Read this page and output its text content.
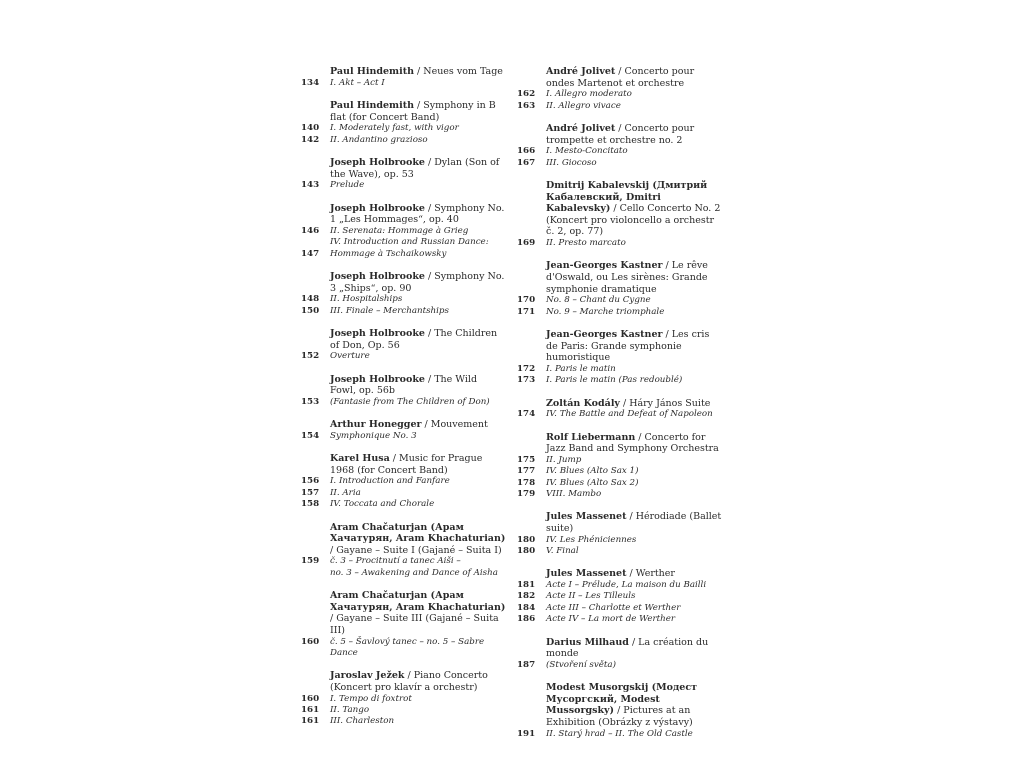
Paul Hindemith / Neues vom Tage
134	I. Akt – Act I
Paul Hindemith / Symphony in B flat (for Concert Band)
140	I. Moderately fast, with vigor
142	II. Andantino grazioso
Joseph Holbrooke / Dylan (Son of the Wave), op. 53
143	Prelude
Joseph Holbrooke / Symphony No. 1 „Les Hommages“, op. 40
146	II. Serenata: Hommage à Grieg
IV. Introduction and Russian Dance:
147	Hommage à Tschaikowsky
Joseph Holbrooke / Symphony No. 3 „Ships“, op. 90
148	II. Hospitalships
150	III. Finale – Merchantships
Joseph Holbrooke / The Children of Don, Op. 56
152	Overture
Joseph Holbrooke / The Wild Fowl, op. 56b
153	(Fantasie from The Children of Don)
Arthur Honegger / Mouvement
154	Symphonique No. 3
Karel Husa / Music for Prague 1968 (for Concert Band)
156	I. Introduction and Fanfare
157	II. Aria
158	IV. Toccata and Chorale
Aram Chačaturjan (Арам Хачатурян, Aram Khachaturian) / Gayane – Suite I (Gajané – Suita I)
159	č. 3 – Procitnutí a tanec Aiši –
no. 3 – Awakening and Dance of Aisha
Aram Chačaturjan (Арам Хачатурян, Aram Khachaturian) / Gayane – Suite III (Gajané – Suita III)
160	č. 5 – Šavlový tanec – no. 5 – Sabre Dance
Jaroslav Ježek / Piano Concerto (Koncert pro klavír a orchestr)
160	I. Tempo di foxtrot
161	II. Tango
161	III. Charleston
André Jolivet / Concerto pour ondes Martenot et orchestre
162	I. Allegro moderato
163	II. Allegro vivace
André Jolivet / Concerto pour trompette et orchestre no. 2
166	I. Mesto-Concitato
167	III. Giocoso
Dmitrij Kabalevskij (Дмитрий Кабалевский, Dmitri Kabalevsky) / Cello Concerto No. 2 (Koncert pro violoncello a orchestr č. 2, op. 77)
169	II. Presto marcato
Jean-Georges Kastner / Le rêve d'Oswald, ou Les sirènes: Grande symphonie dramatique
170	No. 8 – Chant du Cygne
171	No. 9 – Marche triomphale
Jean-Georges Kastner / Les cris de Paris: Grande symphonie humoristique
172	I. Paris le matin
173	I. Paris le matin (Pas redoublé)
Zoltán Kodály / Háry János Suite
174	IV. The Battle and Defeat of Napoleon
Rolf Liebermann / Concerto for Jazz Band and Symphony Orchestra
175	II. Jump
177	IV. Blues (Alto Sax 1)
178	IV. Blues (Alto Sax 2)
179	VIII. Mambo
Jules Massenet / Hérodiade (Ballet suite)
180	IV. Les Phéniciennes
180	V. Final
Jules Massenet / Werther
181	Acte I – Prélude, La maison du Bailli
182	Acte II – Les Tilleuls
184	Acte III – Charlotte et Werther
186	Acte IV – La mort de Werther
Darius Milhaud / La création du monde
187	(Stvoření světa)
Modest Musorgskij (Модест Мусоргский, Modest Mussorgsky) / Pictures at an Exhibition (Obrázky z výstavy)
191	II. Starý hrad – II. The Old Castle
